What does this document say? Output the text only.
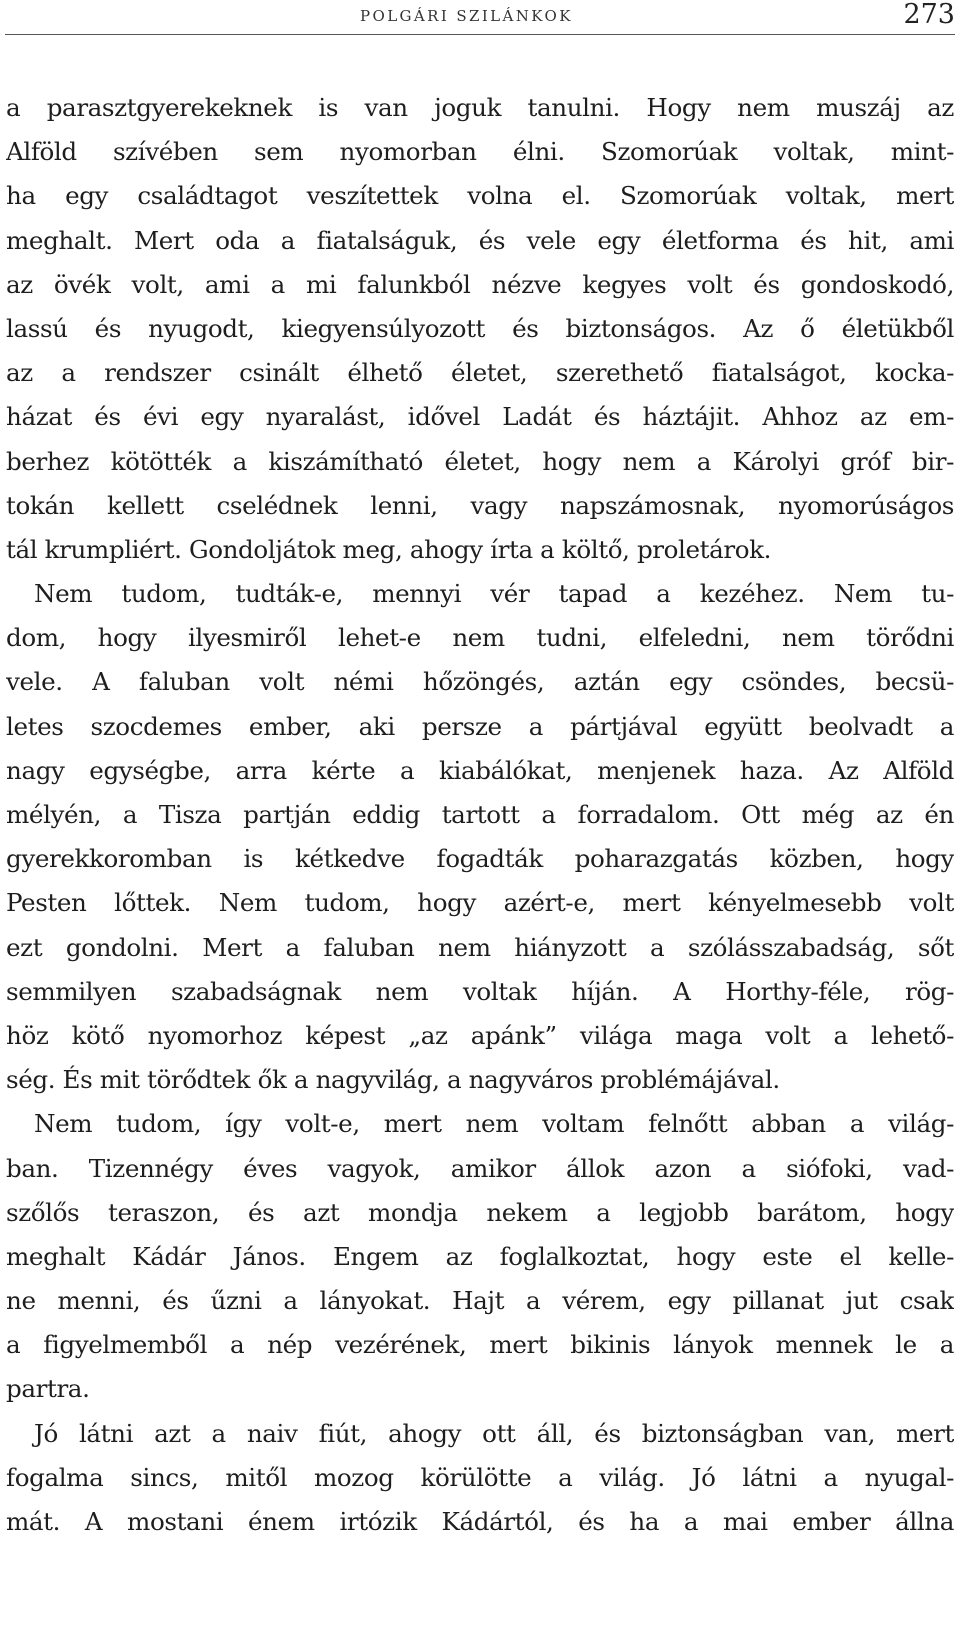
POLGÁRI SZILÁNKOK	273
a parasztgyerekeknek is van joguk tanulni. Hogy nem muszáj az
Alföld szívében sem nyomorban élni. Szomorúak voltak, mint-
ha egy családtagot veszítettek volna el. Szomorúak voltak, mert
meghalt. Mert oda a fiatalságuk, és vele egy életforma és hit, ami
az övék volt, ami a mi falunkból nézve kegyes volt és gondoskodó,
lassú és nyugodt, kiegyensúlyozott és biztonságos. Az ő életükből
az a rendszer csinált élhető életet, szerethető fiatalságot, kocka-
házat és évi egy nyaralást, idővel Ladát és háztájit. Ahhoz az em-
berhez kötötték a kiszámítható életet, hogy nem a Károlyi gróf bir-
tokán kellett cselédnek lenni, vagy napszámosnak, nyomorúságos
tál krumpliért. Gondoljátok meg, ahogy írta a költő, proletárok.
Nem tudom, tudták-e, mennyi vér tapad a kezéhez. Nem tu-
dom, hogy ilyesmiről lehet-e nem tudni, elfeledni, nem törődni
vele. A faluban volt némi hőzöngés, aztán egy csöndes, becsü-
letes szocdemes ember, aki persze a pártjával együtt beolvadt a
nagy egységbe, arra kérte a kiabálókat, menjenek haza. Az Alföld
mélyén, a Tisza partján eddig tartott a forradalom. Ott még az én
gyerekkoromban is kétkedve fogadták poharazgatás közben, hogy
Pesten lőttek. Nem tudom, hogy azért-e, mert kényelmesebb volt
ezt gondolni. Mert a faluban nem hiányzott a szólásszabadság, sőt
semmilyen szabadságnak nem voltak híján. A Horthy-féle, rög-
höz kötő nyomorhoz képest „az apánk” világa maga volt a lehető-
ség. És mit törődtek ők a nagyvilág, a nagyváros problémájával.
Nem tudom, így volt-e, mert nem voltam felnőtt abban a világ-
ban. Tizennégy éves vagyok, amikor állok azon a siófoki, vad-
szőlős teraszon, és azt mondja nekem a legjobb barátom, hogy
meghalt Kádár János. Engem az foglalkoztat, hogy este el kelle-
ne menni, és űzni a lányokat. Hajt a vérem, egy pillanat jut csak
a figyelmemből a nép vezérének, mert bikinis lányok mennek le a
partra.
Jó látni azt a naiv fiút, ahogy ott áll, és biztonságban van, mert
fogalma sincs, mitől mozog körülötte a világ. Jó látni a nyugal-
mát. A mostani énem irtózik Kádártól, és ha a mai ember állna
